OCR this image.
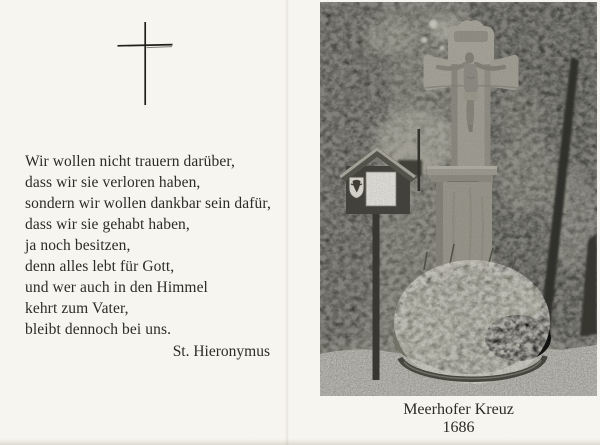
Wir wollen nicht trauern darüber,
dass wir sie verloren haben,
sondern wir wollen dankbar sein dafür,
dass wir sie gehabt haben,
ja noch besitzen,
denn alles lebt für Gott,
und wer auch in den Himmel
kehrt zum Vater,
bleibt dennoch bei uns.
St. Hieronymus
Meerhofer Kreuz
1686
